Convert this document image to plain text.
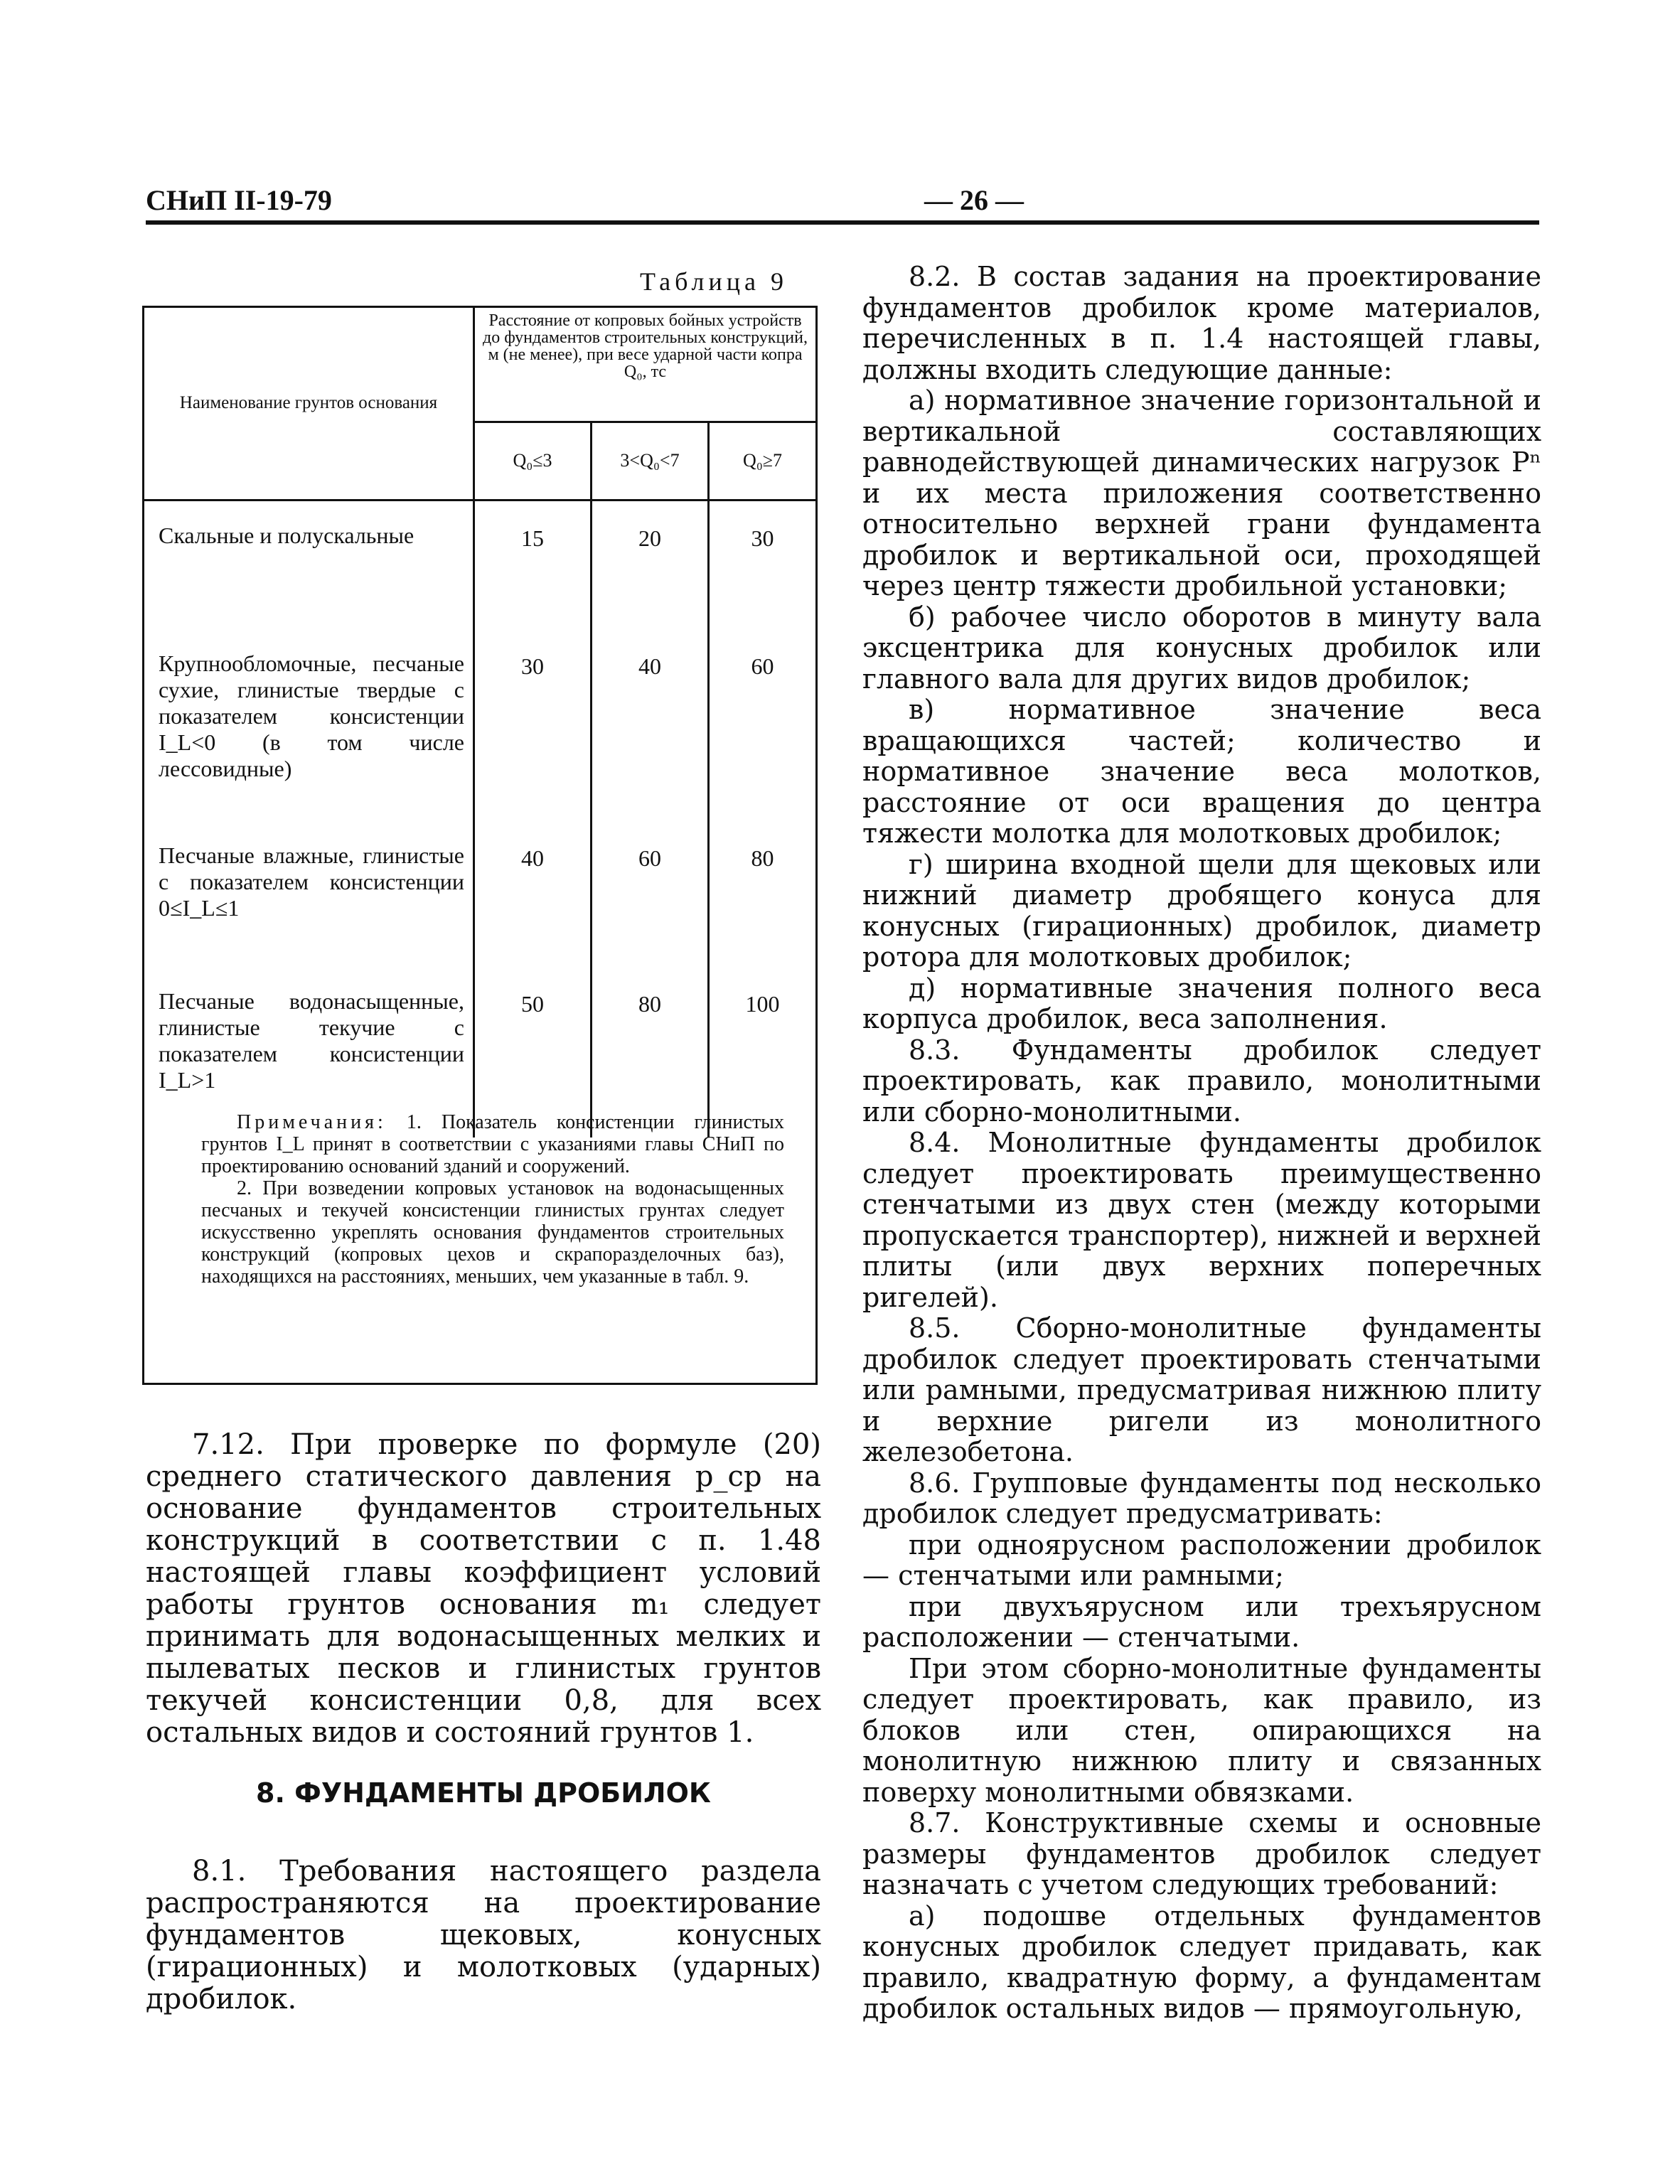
СНиП II-19-79	— 26 —
Таблица 9
Наименование грунтов основания	Расстояние от копровых бойных устройств до фундаментов строительных конструкций, м (не менее), при весе ударной части копра Q₀, тс		
	Q₀≤3	3<Q₀<7	Q₀≥7
Скальные и полускальные	15	20	30
Крупнообломочные, песчаные сухие, глинистые твердые с показателем консистенции I_L<0 (в том числе лессовидные)	30	40	60
Песчаные влажные, глинистые с показателем консистенции 0≤I_L≤1	40	60	80
Песчаные водонасыщенные, глинистые текучие с показателем консистенции I_L>1	50	80	100

Примечания: 1. Показатель консистенции глинистых грунтов I_L принят в соответствии с указаниями главы СНиП по проектированию оснований зданий и сооружений.

2. При возведении копровых установок на водонасыщенных песчаных и текучей консистенции глинистых грунтах следует искусственно укреплять основания фундаментов строительных конструкций (копровых цехов и скрапоразделочных баз), находящихся на расстояниях, меньших, чем указанные в табл. 9.

7.12. При проверке по формуле (20) среднего статического давления p_ср на основание фундаментов строительных конструкций в соответствии с п. 1.48 настоящей главы коэффициент условий работы грунтов основания m₁ следует принимать для водонасыщенных мелких и пылеватых песков и глинистых грунтов текучей консистенции 0,8, для всех остальных видов и состояний грунтов 1.

8. ФУНДАМЕНТЫ ДРОБИЛОК

8.1. Требования настоящего раздела распространяются на проектирование фундаментов щековых, конусных (гирационных) и молотковых (ударных) дробилок.

8.2. В состав задания на проектирование фундаментов дробилок кроме материалов, перечисленных в п. 1.4 настоящей главы, должны входить следующие данные:

а) нормативное значение горизонтальной и вертикальной составляющих равнодействующей динамических нагрузок Pⁿ и их места приложения соответственно относительно верхней грани фундамента дробилок и вертикальной оси, проходящей через центр тяжести дробильной установки;

б) рабочее число оборотов в минуту вала эксцентрика для конусных дробилок или главного вала для других видов дробилок;

в) нормативное значение веса вращающихся частей; количество и нормативное значение веса молотков, расстояние от оси вращения до центра тяжести молотка для молотковых дробилок;

г) ширина входной щели для щековых или нижний диаметр дробящего конуса для конусных (гирационных) дробилок, диаметр ротора для молотковых дробилок;

д) нормативные значения полного веса корпуса дробилок, веса заполнения.

8.3. Фундаменты дробилок следует проектировать, как правило, монолитными или сборно-монолитными.

8.4. Монолитные фундаменты дробилок следует проектировать преимущественно стенчатыми из двух стен (между которыми пропускается транспортер), нижней и верхней плиты (или двух верхних поперечных ригелей).

8.5. Сборно-монолитные фундаменты дробилок следует проектировать стенчатыми или рамными, предусматривая нижнюю плиту и верхние ригели из монолитного железобетона.

8.6. Групповые фундаменты под несколько дробилок следует предусматривать:

при одноярусном расположении дробилок — стенчатыми или рамными;

при двухъярусном или трехъярусном расположении — стенчатыми.

При этом сборно-монолитные фундаменты следует проектировать, как правило, из блоков или стен, опирающихся на монолитную нижнюю плиту и связанных поверху монолитными обвязками.

8.7. Конструктивные схемы и основные размеры фундаментов дробилок следует назначать с учетом следующих требований:

а) подошве отдельных фундаментов конусных дробилок следует придавать, как правило, квадратную форму, а фундаментам дробилок остальных видов — прямоугольную,
